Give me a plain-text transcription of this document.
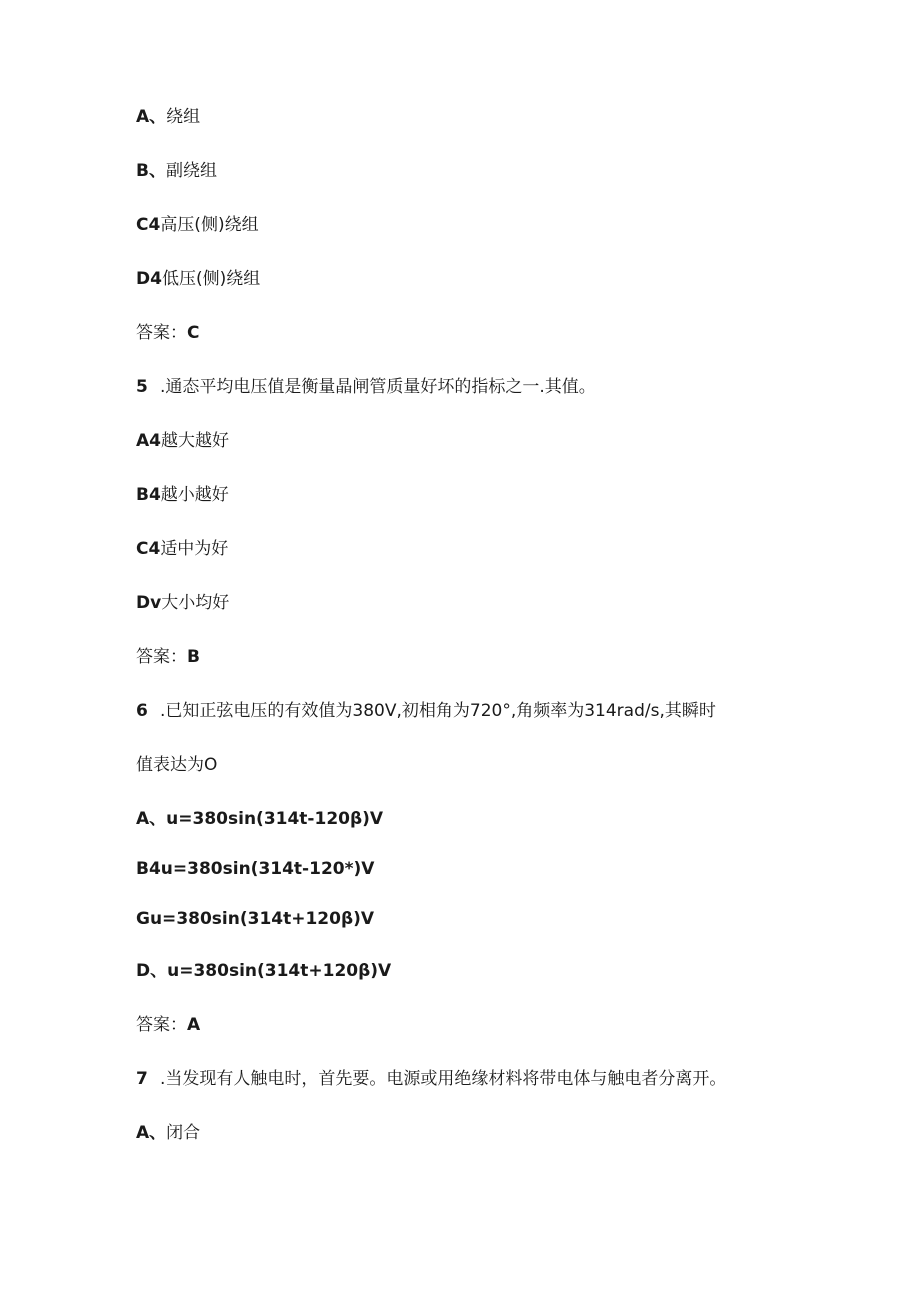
A、绕组
B、副绕组
C4高压(侧)绕组
D4低压(侧)绕组
答案：C
5 .通态平均电压值是衡量晶闸管质量好坏的指标之一.其值。
A4越大越好
B4越小越好
C4适中为好
Dv大小均好
答案：B
6 .已知正弦电压的有效值为380V,初相角为720°,角频率为314rad/s,其瞬时
值表达为O
A、u=380sin(314t-120β)V
B4u=380sin(314t-120*)V
Gu=380sin(314t+120β)V
D、u=380sin(314t+120β)V
答案：A
7 .当发现有人触电时，首先要。电源或用绝缘材料将带电体与触电者分离开。
A、闭合
